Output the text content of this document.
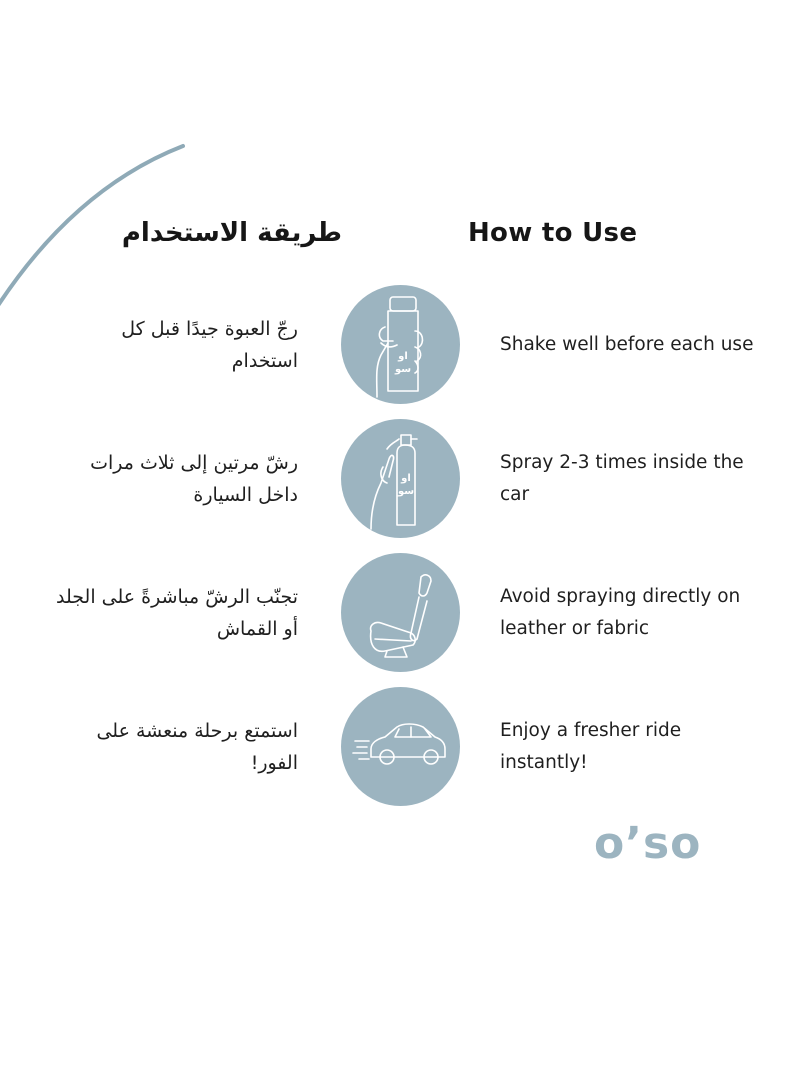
طريقة الاستخدام	How to Use
رجّ العبوة جيدًا قبل كل استخدام	او
سو
Shake well before each use
رشّ مرتين إلى ثلاث مرات داخل السيارة
او
سو
Spray 2-3 times inside the car
تجنّب الرشّ مباشرةً على الجلد أو القماش
Avoid spraying directly on leather or fabric
استمتع برحلة منعشة على الفور!
Enjoy a fresher ride instantly!
o’so
